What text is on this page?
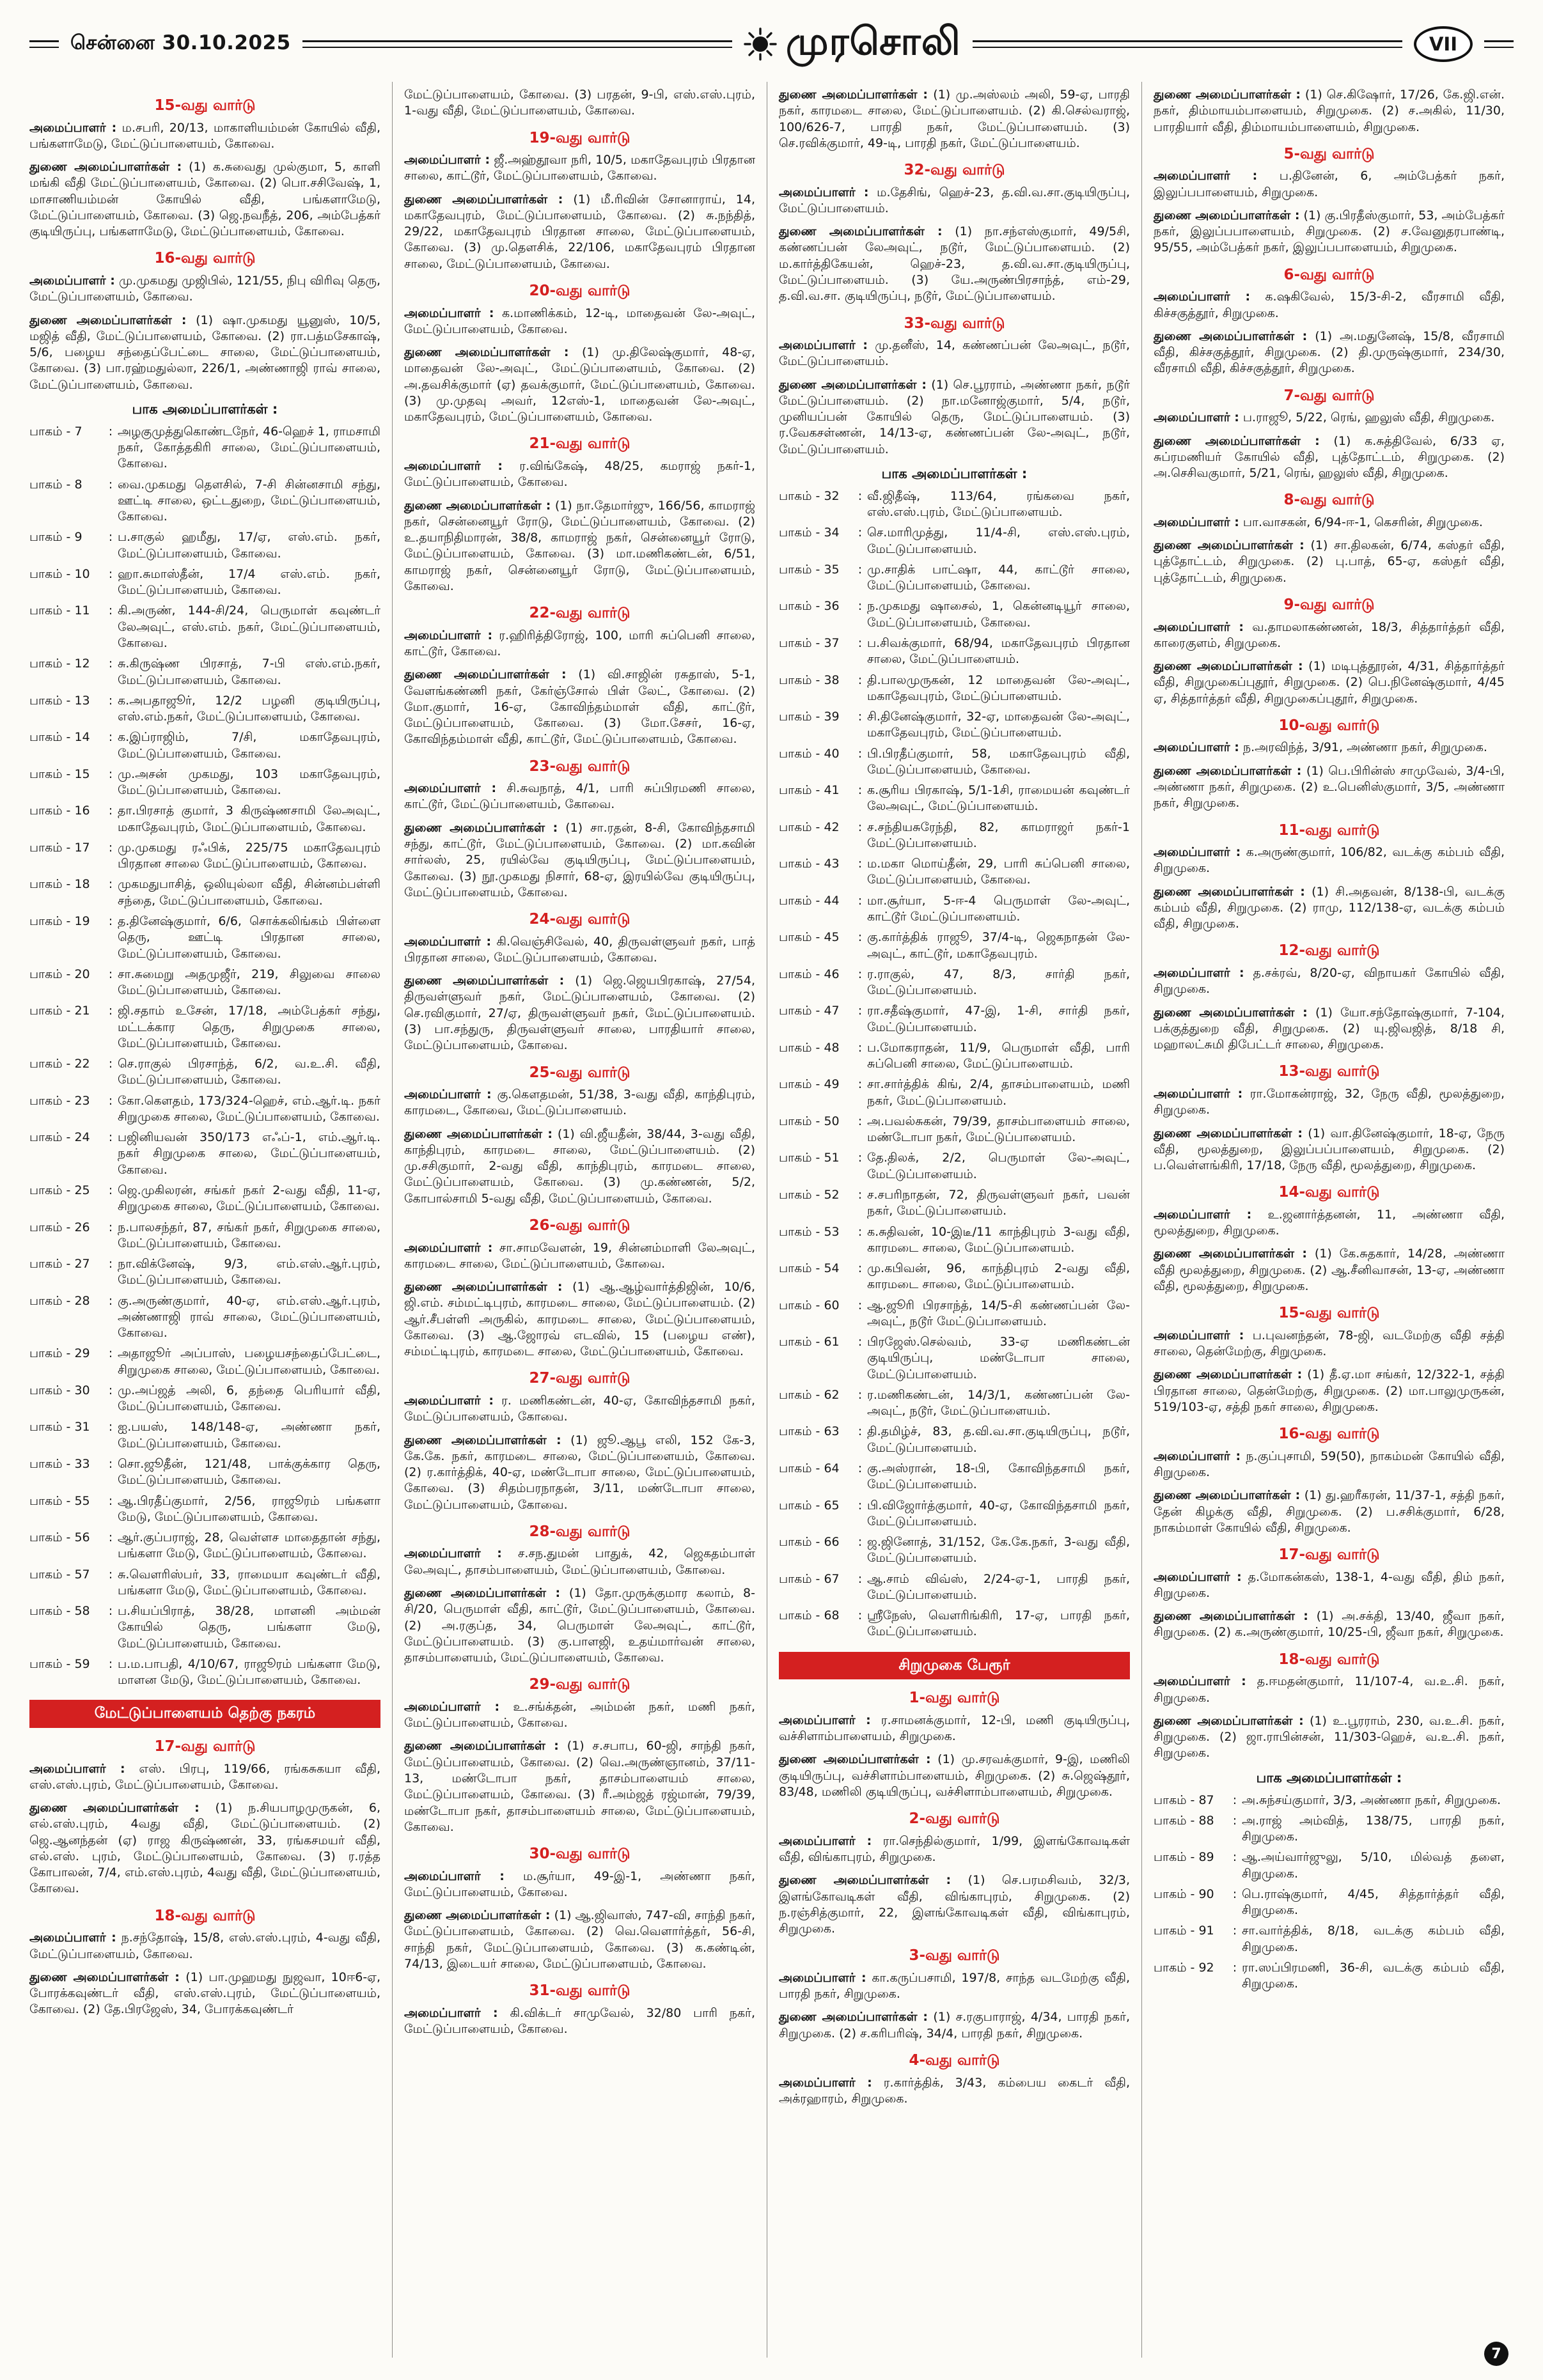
சென்னை 30.10.2025	முரசொலி	VII
15-வது வார்டு
அமைப்பாளர் : ம.சபரி, 20/13, மாகாளியம்மன் கோயில் வீதி, பங்களாமேடு, மேட்டுப்பாளையம், கோவை.
துணை அமைப்பாளர்கள் : (1) க.சுவைது முல்குமா, 5, காளி மங்கி வீதி மேட்டுப்பாளையம், கோவை. (2) பொ.சசிவேஷ், 1, மாசாணியம்மன் கோயில் வீதி, பங்களாமேடு, மேட்டுப்பாளையம், கோவை. (3) ஜெ.நவநீத், 206, அம்பேத்கர் குடியிருப்பு, பங்களாமேடு, மேட்டுப்பாளையம், கோவை.
16-வது வார்டு
அமைப்பாளர் : மு.முகமது முஜிபில், 121/55, நிபு விரிவு தெரு, மேட்டுப்பாளையம், கோவை.
துணை அமைப்பாளர்கள் : (1) ஷா.முகமது யூனுஸ், 10/5, மஜித் வீதி, மேட்டுப்பாளையம், கோவை. (2) ரா.பத்மசேகாஷ், 5/6, பழைய சந்தைப்பேட்டை சாலை, மேட்டுப்பாளையம், கோவை. (3) பா.ரஹ்மதுல்லா, 226/1, அண்ணாஜி ராவ் சாலை, மேட்டுப்பாளையம், கோவை.
பாக அமைப்பாளர்கள் :
பாகம் - 7	: அழகுமுத்துகொண்டநேர், 46-ஹெச் 1, ராமசாமி நகர், கோத்தகிரி சாலை, மேட்டுப்பாளையம், கோவை.
பாகம் - 8	: வை.முகமது தௌசில், 7-சி சின்னசாமி சந்து, ஊட்டி சாலை, ஒட்டதுறை, மேட்டுப்பாளையம், கோவை.
பாகம் - 9	: ப.சாகுல் ஹமீது, 17/ஏ, எஸ்.எம். நகர், மேட்டுப்பாளையம், கோவை.
பாகம் - 10	: ஹா.சுமாஸ்தீன், 17/4 எஸ்.எம். நகர், மேட்டுப்பாளையம், கோவை.
பாகம் - 11	: கி.அருண், 144-சி/24, பெருமாள் கவுண்டர் லேஅவுட், எஸ்.எம். நகர், மேட்டுப்பாளையம், கோவை.
பாகம் - 12	: சு.கிருஷ்ண பிரசாத், 7-பி எஸ்.எம்.நகர், மேட்டுப்பாளையம், கோவை.
பாகம் - 13	: க.அபதாஜூர், 12/2 பழனி குடியிருப்பு, எஸ்.எம்.நகர், மேட்டுப்பாளையம், கோவை.
பாகம் - 14	: க.இப்ராஜிம், 7/சி, மகாதேவபுரம், மேட்டுப்பாளையம், கோவை.
பாகம் - 15	: மு.அசன் முகமது, 103 மகாதேவபுரம், மேட்டுப்பாளையம், கோவை.
பாகம் - 16	: தா.பிரசாத் குமார், 3 கிருஷ்ணசாமி லேஅவுட், மகாதேவபுரம், மேட்டுப்பாளையம், கோவை.
பாகம் - 17	: மு.முகமது ரஃபிக், 225/75 மகாதேவபுரம் பிரதான சாலை மேட்டுப்பாளையம், கோவை.
பாகம் - 18	: முகமதுபாசித், ஒலியுல்லா வீதி, சின்னம்பள்ளி சந்தை, மேட்டுப்பாளையம், கோவை.
பாகம் - 19	: த.தினேஷ்குமார், 6/6, சொக்கலிங்கம் பிள்ளை தெரு, ஊட்டி பிரதான சாலை, மேட்டுப்பாளையம், கோவை.
பாகம் - 20	: சா.சுமைறு அதமுஜீர், 219, சிலுவை சாலை மேட்டுப்பாளையம், கோவை.
பாகம் - 21	: ஜி.சதாம் உசேன், 17/18, அம்பேத்கர் சந்து, மட்டக்கார தெரு, சிறுமுகை சாலை, மேட்டுப்பாளையம், கோவை.
பாகம் - 22	: செ.ராகுல் பிரசாந்த், 6/2, வ.உ.சி. வீதி, மேட்டுப்பாளையம், கோவை.
பாகம் - 23	: கோ.கௌதம், 173/324-ஹெச், எம்.ஆர்.டி. நகர் சிறுமுகை சாலை, மேட்டுப்பாளையம், கோவை.
பாகம் - 24	: பஜினியவன் 350/173 எஃப்-1, எம்.ஆர்.டி. நகர் சிறுமுகை சாலை, மேட்டுப்பாளையம், கோவை.
பாகம் - 25	: ஜெ.முகிலரன், சங்கர் நகர் 2-வது வீதி, 11-ஏ, சிறுமுகை சாலை, மேட்டுப்பாளையம், கோவை.
பாகம் - 26	: ந.பாலசந்தர், 87, சங்கர் நகர், சிறுமுகை சாலை, மேட்டுப்பாளையம், கோவை.
பாகம் - 27	: நா.விக்னேஷ், 9/3, எம்.எஸ்.ஆர்.புரம், மேட்டுப்பாளையம், கோவை.
பாகம் - 28	: கு.அருண்குமார், 40-ஏ, எம்.எஸ்.ஆர்.புரம், அண்ணாஜி ராவ் சாலை, மேட்டுப்பாளையம், கோவை.
பாகம் - 29	: அதாஜூர் அப்பாஸ், பழையசந்தைப்பேட்டை, சிறுமுகை சாலை, மேட்டுப்பாளையம், கோவை.
பாகம் - 30	: மு.அப்ஜத் அலி, 6, தந்தை பெரியார் வீதி, மேட்டுப்பாளையம், கோவை.
பாகம் - 31	: ஐ.பயஸ், 148/148-ஏ, அண்ணா நகர், மேட்டுப்பாளையம், கோவை.
பாகம் - 33	: சொ.ஜூதீன், 121/48, பாக்குக்கார தெரு, மேட்டுப்பாளையம், கோவை.
பாகம் - 55	: ஆ.பிரதீப்குமார், 2/56, ராஜூரம் பங்களா மேடு, மேட்டுப்பாளையம், கோவை.
பாகம் - 56	: ஆர்.குப்பராஜ், 28, வெள்ளச மாதைதான் சந்து, பங்களா மேடு, மேட்டுப்பாளையம், கோவை.
பாகம் - 57	: சு.வெளரிஸ்பர், 33, ராமையா கவுண்டர் வீதி, பங்களா மேடு, மேட்டுப்பாளையம், கோவை.
பாகம் - 58	: ப.சியப்பிராத், 38/28, மாளனி அம்மன் கோயில் தெரு, பங்களா மேடு, மேட்டுப்பாளையம், கோவை.
பாகம் - 59	: ப.ம.பாபதி, 4/10/67, ராஜூரம் பங்களா மேடு, மாளன மேடு, மேட்டுப்பாளையம், கோவை.
மேட்டுப்பாளையம் தெற்கு நகரம்
17-வது வார்டு
அமைப்பாளர் : எஸ். பிரபு, 119/66, ரங்கசுகயா வீதி, எஸ்.எஸ்.புரம், மேட்டுப்பாளையம், கோவை.
துணை அமைப்பாளர்கள் : (1) ந.சியபாழமுருகன், 6, எல்.எஸ்.புரம், 4வது வீதி, மேட்டுப்பாளையம். (2) ஜெ.ஆனந்தன் (ஏ) ராஜ கிருஷ்ணன், 33, ரங்கசமயர் வீதி, எல்.எஸ். புரம், மேட்டுப்பாளையம், கோவை. (3) ர.ரத்த கோபாலன், 7/4, எம்.எஸ்.புரம், 4வது வீதி, மேட்டுப்பாளையம், கோவை.
18-வது வார்டு
அமைப்பாளர் : ந.சந்தோஷ், 15/8, எஸ்.எஸ்.புரம், 4-வது வீதி, மேட்டுப்பாளையம், கோவை.
துணை அமைப்பாளர்கள் : (1) பா.முஹமது நுஜவா, 10ஈ6-ஏ, போரக்கவுண்டர் வீதி, எஸ்.எஸ்.புரம், மேட்டுப்பாளையம், கோவை. (2) தே.பிரஜேஸ், 34, போரக்கவுண்டர்
மேட்டுப்பாளையம், கோவை. (3) பரதன், 9-பி, எஸ்.எஸ்.புரம், 1-வது வீதி, மேட்டுப்பாளையம், கோவை.
19-வது வார்டு
அமைப்பாளர் : ஜீ.அஹ்தூவா நரி, 10/5, மகாதேவபுரம் பிரதான சாலை, காட்டூர், மேட்டுப்பாளையம், கோவை.
துணை அமைப்பாளர்கள் : (1) மீ.ரிவின் சோனாராய், 14, மகாதேவபுரம், மேட்டுப்பாளையம், கோவை. (2) சு.நந்தித், 29/22, மகாதேவபுரம் பிரதான சாலை, மேட்டுப்பாளையம், கோவை. (3) மு.தௌசிக், 22/106, மகாதேவபுரம் பிரதான சாலை, மேட்டுப்பாளையம், கோவை.
20-வது வார்டு
அமைப்பாளர் : க.மாணிக்கம், 12-டி, மாதைவன் லே-அவுட், மேட்டுப்பாளையம், கோவை.
துணை அமைப்பாளர்கள் : (1) மு.திலேஷ்குமார், 48-ஏ, மாதைவன் லே-அவுட், மேட்டுப்பாளையம், கோவை. (2) அ.தவசிக்குமார் (ஏ) தவக்குமார், மேட்டுப்பாளையம், கோவை. (3) மு.முதவு அவர், 12எஸ்-1, மாதைவன் லே-அவுட், மகாதேவபுரம், மேட்டுப்பாளையம், கோவை.
21-வது வார்டு
அமைப்பாளர் : ர.விங்கேஷ், 48/25, கமராஜ் நகர்-1, மேட்டுப்பாளையம், கோவை.
துணை அமைப்பாளர்கள் : (1) நா.தேமார்ஜு, 166/56, காமராஜ் நகர், சென்னையூர் ரோடு, மேட்டுப்பாளையம், கோவை. (2) உ.தயாநிதிமாரன், 38/8, காமராஜ் நகர், சென்னையூர் ரோடு, மேட்டுப்பாளையம், கோவை. (3) மா.மணிகண்டன், 6/51, காமராஜ் நகர், சென்னையூர் ரோடு, மேட்டுப்பாளையம், கோவை.
22-வது வார்டு
அமைப்பாளர் : ர.ஹிரித்திரோஜ், 100, மாரி சுப்பெனி சாலை, காட்டூர், கோவை.
துணை அமைப்பாளர்கள் : (1) வி.சாஜின் ரசுதாஸ், 5-1, வேளங்கண்ணி நகர், கேர்ஞ்சோல் பிள் லேட், கோவை. (2) மோ.குமார், 16-ஏ, கோவிந்தம்மாள் வீதி, காட்டூர், மேட்டுப்பாளையம், கோவை. (3) மோ.சேசர், 16-ஏ, கோவிந்தம்மாள் வீதி, காட்டூர், மேட்டுப்பாளையம், கோவை.
23-வது வார்டு
அமைப்பாளர் : சி.சுவநாத், 4/1, பாரி சுப்பிரமணி சாலை, காட்டூர், மேட்டுப்பாளையம், கோவை.
துணை அமைப்பாளர்கள் : (1) சா.ரதன், 8-சி, கோவிந்தசாமி சந்து, காட்டூர், மேட்டுப்பாளையம், கோவை. (2) மா.கவின் சார்லஸ், 25, ரயில்வே குடியிருப்பு, மேட்டுப்பாளையம், கோவை. (3) நூ.முகமது நிசார், 68-ஏ, இரயில்வே குடியிருப்பு, மேட்டுப்பாளையம், கோவை.
24-வது வார்டு
அமைப்பாளர் : கி.வெஞ்சிவேல், 40, திருவள்ளுவர் நகர், பாத் பிரதான சாலை, மேட்டுப்பாளையம், கோவை.
துணை அமைப்பாளர்கள் : (1) ஜெ.ஜெயபிரகாஷ், 27/54, திருவள்ளுவர் நகர், மேட்டுப்பாளையம், கோவை. (2) செ.ரவிகுமார், 27/ஏ, திருவள்ளுவர் நகர், மேட்டுப்பாளையம். (3) பா.சந்துரு, திருவள்ளுவர் சாலை, பாரதியார் சாலை, மேட்டுப்பாளையம், கோவை.
25-வது வார்டு
அமைப்பாளர் : கு.கௌதமன், 51/38, 3-வது வீதி, காந்திபுரம், காரமடை, கோவை, மேட்டுப்பாளையம்.
துணை அமைப்பாளர்கள் : (1) வி.ஜீயதீன், 38/44, 3-வது வீதி, காந்திபுரம், காரமடை சாலை, மேட்டுப்பாளையம். (2) மு.சசிகுமார், 2-வது வீதி, காந்திபுரம், காரமடை சாலை, மேட்டுப்பாளையம், கோவை. (3) மு.கண்ணன், 5/2, கோபால்சாமி 5-வது வீதி, மேட்டுப்பாளையம், கோவை.
26-வது வார்டு
அமைப்பாளர் : சா.சாமவேளன், 19, சின்னம்மாளி லேஅவுட், காரமடை சாலை, மேட்டுப்பாளையம், கோவை.
துணை அமைப்பாளர்கள் : (1) ஆ.ஆழ்வார்த்திஜின், 10/6, ஜி.எம். சம்மட்டிபுரம், காரமடை சாலை, மேட்டுப்பாளையம். (2) ஆர்.சீபள்ளி அருகில், காரமடை சாலை, மேட்டுப்பாளையம், கோவை. (3) ஆ.ஜோரவ் எடவில், 15 (பழைய எண்), சம்மட்டிபுரம், காரமடை சாலை, மேட்டுப்பாளையம், கோவை.
27-வது வார்டு
அமைப்பாளர் : ர. மணிகண்டன், 40-ஏ, கோவிந்தசாமி நகர், மேட்டுப்பாளையம், கோவை.
துணை அமைப்பாளர்கள் : (1) ஜூ.ஆபூ எலி, 152 கே-3, கே.கே. நகர், காரமடை சாலை, மேட்டுப்பாளையம், கோவை. (2) ர.கார்த்திக், 40-ஏ, மண்டோபா சாலை, மேட்டுப்பாளையம், கோவை. (3) சிதம்பரநாதன், 3/11, மண்டோபா சாலை, மேட்டுப்பாளையம், கோவை.
28-வது வார்டு
அமைப்பாளர் : ச.சந.துமன் பாதுக், 42, ஜெகதம்பாள் லேஅவுட், தாசம்பாளையம், மேட்டுப்பாளையம், கோவை.
துணை அமைப்பாளர்கள் : (1) தோ.முருக்குமார கலாம், 8-சி/20, பெருமாள் வீதி, காட்டூர், மேட்டுப்பாளையம், கோவை. (2) அ.ரகுப்த, 34, பெருமாள் லேஅவுட், காட்டூர், மேட்டுப்பாளையம். (3) கு.பாளஜி, உதய்மார்வன் சாலை, தாசம்பாளையம், மேட்டுப்பாளையம், கோவை.
29-வது வார்டு
அமைப்பாளர் : உ.சங்க்தன், அம்மன் நகர், மணி நகர், மேட்டுப்பாளையம், கோவை.
துணை அமைப்பாளர்கள் : (1) ச.சபாப, 60-ஜி, சாந்தி நகர், மேட்டுப்பாளையம், கோவை. (2) வெ.அருண்ஞானம், 37/11-13, மண்டோபா நகர், தாசம்பாளையம் சாலை, மேட்டுப்பாளையம், கோவை. (3) ரீ.அம்ஜத் ரஜ்மான், 79/39, மண்டோபா நகர், தாசம்பாளையம் சாலை, மேட்டுப்பாளையம், கோவை.
30-வது வார்டு
அமைப்பாளர் : ம.சூர்யா, 49-இ-1, அண்ணா நகர், மேட்டுப்பாளையம், கோவை.
துணை அமைப்பாளர்கள் : (1) ஆ.ஜிவாஸ், 747-வி, சாந்தி நகர், மேட்டுப்பாளையம், கோவை. (2) வெ.வெளார்த்தர், 56-சி, சாந்தி நகர், மேட்டுப்பாளையம், கோவை. (3) க.கண்டின், 74/13, இடையர் சாலை, மேட்டுப்பாளையம், கோவை.
31-வது வார்டு
அமைப்பாளர் : கி.விக்டர் சாமுவேல், 32/80 பாரி நகர், மேட்டுப்பாளையம், கோவை.
துணை அமைப்பாளர்கள் : (1) மு.அஸ்லம் அலி, 59-ஏ, பாரதி நகர், காரமடை சாலை, மேட்டுப்பாளையம். (2) கி.செல்வராஜ், 100/626-7, பாரதி நகர், மேட்டுப்பாளையம். (3) செ.ரவிக்குமார், 49-டி, பாரதி நகர், மேட்டுப்பாளையம்.
32-வது வார்டு
அமைப்பாளர் : ம.தேசிங், ஹெச்-23, த.வி.வ.சா.குடியிருப்பு, மேட்டுப்பாளையம்.
துணை அமைப்பாளர்கள் : (1) நா.சந்எஸ்குமார், 49/5சி, கண்ணப்பன் லேஅவுட், நடூர், மேட்டுப்பாளையம். (2) ம.கார்த்திகேயன், ஹெச்-23, த.வி.வ.சா.குடியிருப்பு, மேட்டுப்பாளையம். (3) யே.அருண்பிரசாந்த், எம்-29, த.வி.வ.சா. குடியிருப்பு, நடூர், மேட்டுப்பாளையம்.
33-வது வார்டு
அமைப்பாளர் : மு.தனீஸ், 14, கண்ணப்பன் லேஅவுட், நடூர், மேட்டுப்பாளையம்.
துணை அமைப்பாளர்கள் : (1) செ.பூரராம், அண்ணா நகர், நடூர் மேட்டுப்பாளையம். (2) நா.மனோஜ்குமார், 5/4, நடூர், முனியப்பன் கோயில் தெரு, மேட்டுப்பாளையம். (3) ர.வேகசள்ணன், 14/13-ஏ, கண்ணப்பன் லே-அவுட், நடூர், மேட்டுப்பாளையம்.
பாக அமைப்பாளர்கள் :
பாகம் - 32	: வீ.ஜிதீஷ், 113/64, ரங்கவை நகர், எஸ்.எஸ்.புரம், மேட்டுப்பாளையம்.
பாகம் - 34	: செ.மாரிமுத்து, 11/4-சி, எஸ்.எஸ்.புரம், மேட்டுப்பாளையம்.
பாகம் - 35	: மு.சாதிக் பாட்ஷா, 44, காட்டூர் சாலை, மேட்டுப்பாளையம், கோவை.
பாகம் - 36	: ந.முகமது ஷாசைல், 1, கென்னடியூர் சாலை, மேட்டுப்பாளையம், கோவை.
பாகம் - 37	: ப.சிவக்குமார், 68/94, மகாதேவபுரம் பிரதான சாலை, மேட்டுப்பாளையம்.
பாகம் - 38	: தி.பாலமுருகன், 12 மாதைவன் லே-அவுட், மகாதேவபுரம், மேட்டுப்பாளையம்.
பாகம் - 39	: சி.தினேஷ்குமார், 32-ஏ, மாதைவன் லே-அவுட், மகாதேவபுரம், மேட்டுப்பாளையம்.
பாகம் - 40	: பி.பிரதீப்குமார், 58, மகாதேவபுரம் வீதி, மேட்டுப்பாளையம், கோவை.
பாகம் - 41	: க.சூரிய பிரகாஷ், 5/1-1சி, ராமையன் கவுண்டர் லேஅவுட், மேட்டுப்பாளையம்.
பாகம் - 42	: ச.சந்தியசுரேந்தி, 82, காமராஜர் நகர்-1 மேட்டுப்பாளையம்.
பாகம் - 43	: ம.மகா மொய்தீன், 29, பாரி சுப்பெனி சாலை, மேட்டுப்பாளையம், கோவை.
பாகம் - 44	: மா.சூர்யா, 5-ஈ-4 பெருமாள் லே-அவுட், காட்டூர் மேட்டுப்பாளையம்.
பாகம் - 45	: கு.கார்த்திக் ராஜூ, 37/4-டி, ஜெகநாதன் லே-அவுட், காட்டூர், மகாதேவபுரம்.
பாகம் - 46	: ர.ராகுல், 47, 8/3, சார்தி நகர், மேட்டுப்பாளையம்.
பாகம் - 47	: ரா.சதீஷ்குமார், 47-இ, 1-சி, சார்தி நகர், மேட்டுப்பாளையம்.
பாகம் - 48	: ப.மோகராதன், 11/9, பெருமாள் வீதி, பாரி சுப்பெனி சாலை, மேட்டுப்பாளையம்.
பாகம் - 49	: சா.சார்த்திக் கிங், 2/4, தாசம்பாளையம், மணி நகர், மேட்டுப்பாளையம்.
பாகம் - 50	: அ.பவல்சுகன், 79/39, தாசம்பாளையம் சாலை, மண்டோபா நகர், மேட்டுப்பாளையம்.
பாகம் - 51	: தே.திலக், 2/2, பெருமாள் லே-அவுட், மேட்டுப்பாளையம்.
பாகம் - 52	: ச.சபரிநாதன், 72, திருவள்ளுவர் நகர், பவன் நகர், மேட்டுப்பாளையம்.
பாகம் - 53	: க.சுதிவன், 10-இடீ/11 காந்திபுரம் 3-வது வீதி, காரமடை சாலை, மேட்டுப்பாளையம்.
பாகம் - 54	: மு.கபிவன், 96, காந்திபுரம் 2-வது வீதி, காரமடை சாலை, மேட்டுப்பாளையம்.
பாகம் - 60	: ஆ.ஜூரி பிரசாந்த், 14/5-சி கண்ணப்பன் லே-அவுட், நடூர் மேட்டுப்பாளையம்.
பாகம் - 61	: பிரஜேஸ்.செல்வம், 33-ஏ மணிகண்டன் குடியிருப்பு, மண்டோபா சாலை, மேட்டுப்பாளையம்.
பாகம் - 62	: ர.மணிகண்டன், 14/3/1, கண்ணப்பன் லே-அவுட், நடூர், மேட்டுப்பாளையம்.
பாகம் - 63	: தி.தமிழ்ச், 83, த.வி.வ.சா.குடியிருப்பு, நடூர், மேட்டுப்பாளையம்.
பாகம் - 64	: கு.அஸ்ரான், 18-பி, கோவிந்தசாமி நகர், மேட்டுப்பாளையம்.
பாகம் - 65	: பி.விஜோர்த்குமார், 40-ஏ, கோவிந்தசாமி நகர், மேட்டுப்பாளையம்.
பாகம் - 66	: ஜ.ஜினோத், 31/152, கே.கே.நகர், 3-வது வீதி, மேட்டுப்பாளையம்.
பாகம் - 67	: ஆ.சாம் விவ்ஸ், 2/24-ஏ-1, பாரதி நகர், மேட்டுப்பாளையம்.
பாகம் - 68	: ஸ்ரீநேஸ், வெளரிங்கிரி, 17-ஏ, பாரதி நகர், மேட்டுப்பாளையம்.
சிறுமுகை பேரூர்
1-வது வார்டு
அமைப்பாளர் : ர.சாமனக்குமார், 12-பி, மணி குடியிருப்பு, வச்சிளாம்பாளையம், சிறுமுகை.
துணை அமைப்பாளர்கள் : (1) மு.சரவக்குமார், 9-இ, மணிலி குடியிருப்பு, வச்சிளாம்பாளையம், சிறுமுகை. (2) சு.ஜெஷ்தூர், 83/48, மணிலி குடியிருப்பு, வச்சிளாம்பாளையம், சிறுமுகை.
2-வது வார்டு
அமைப்பாளர் : ரா.செந்தில்குமார், 1/99, இளங்கோவடிகள் வீதி, விங்காபுரம், சிறுமுகை.
துணை அமைப்பாளர்கள் : (1) செ.பரமசிவம், 32/3, இளங்கோவடிகள் வீதி, விங்காபுரம், சிறுமுகை. (2) ந.ரஞ்சித்குமார், 22, இளங்கோவடிகள் வீதி, விங்காபுரம், சிறுமுகை.
3-வது வார்டு
அமைப்பாளர் : கா.கருப்பசாமி, 197/8, சாந்த வடமேற்கு வீதி, பாரதி நகர், சிறுமுகை.
துணை அமைப்பாளர்கள் : (1) ச.ரகுபாராஜ், 4/34, பாரதி நகர், சிறுமுகை. (2) ச.கரிபரிஷ், 34/4, பாரதி நகர், சிறுமுகை.
4-வது வார்டு
அமைப்பாளர் : ர.கார்த்திக், 3/43, கம்பைய கைடர் வீதி, அக்ரஹாரம், சிறுமுகை.
துணை அமைப்பாளர்கள் : (1) செ.கிஷோர், 17/26, கே.ஜி.என். நகர், திம்மாயம்பாளையம், சிறுமுகை. (2) ச.அகில், 11/30, பாரதியார் வீதி, திம்மாயம்பாளையம், சிறுமுகை.
5-வது வார்டு
அமைப்பாளர் : ப.தினேன், 6, அம்பேத்கர் நகர், இலுப்பபாளையம், சிறுமுகை.
துணை அமைப்பாளர்கள் : (1) கு.பிரதீஸ்குமார், 53, அம்பேத்கர் நகர், இலுப்பபாளையம், சிறுமுகை. (2) ச.வேனுதரபாண்டி, 95/55, அம்பேத்கர் நகர், இலுப்பபாளையம், சிறுமுகை.
6-வது வார்டு
அமைப்பாளர் : க.ஷகிவேல், 15/3-சி-2, வீரசாமி வீதி, கிச்சகுத்தூர், சிறுமுகை.
துணை அமைப்பாளர்கள் : (1) அ.மதுனேஷ், 15/8, வீரசாமி வீதி, கிச்சகுத்தூர், சிறுமுகை. (2) தி.முருஷ்குமார், 234/30, வீரசாமி வீதி, கிச்சகுத்தூர், சிறுமுகை.
7-வது வார்டு
அமைப்பாளர் : ப.ராஜூ, 5/22, ரெங், ஹலுஸ் வீதி, சிறுமுகை.
துணை அமைப்பாளர்கள் : (1) க.சுத்திவேல், 6/33 ஏ, சுப்ரமணியர் கோயில் வீதி, புத்தோட்டம், சிறுமுகை. (2) அ.செசிவகுமார், 5/21, ரெங், ஹலுஸ் வீதி, சிறுமுகை.
8-வது வார்டு
அமைப்பாளர் : பா.வாசகன், 6/94-ஈ-1, கெசரின், சிறுமுகை.
துணை அமைப்பாளர்கள் : (1) சா.திலகன், 6/74, கஸ்தர் வீதி, புத்தோட்டம், சிறுமுகை. (2) பு.பாத், 65-ஏ, கஸ்தர் வீதி, புத்தோட்டம், சிறுமுகை.
9-வது வார்டு
அமைப்பாளர் : வ.தாமலாகண்ணன், 18/3, சித்தார்த்தர் வீதி, காரைகுளம், சிறுமுகை.
துணை அமைப்பாளர்கள் : (1) மடிபுத்தூரன், 4/31, சித்தார்த்தர் வீதி, சிறுமுகைப்புதூர், சிறுமுகை. (2) பெ.நினேஷ்குமார், 4/45 ஏ, சித்தார்த்தர் வீதி, சிறுமுகைப்புதூர், சிறுமுகை.
10-வது வார்டு
அமைப்பாளர் : ந.அரவிந்த், 3/91, அண்ணா நகர், சிறுமுகை.
துணை அமைப்பாளர்கள் : (1) பெ.பிரின்ஸ் சாமுவேல், 3/4-பி, அண்ணா நகர், சிறுமுகை. (2) உ.பெனிஸ்குமார், 3/5, அண்ணா நகர், சிறுமுகை.
11-வது வார்டு
அமைப்பாளர் : க.அருண்குமார், 106/82, வடக்கு கம்பம் வீதி, சிறுமுகை.
துணை அமைப்பாளர்கள் : (1) சி.அதவன், 8/138-பி, வடக்கு கம்பம் வீதி, சிறுமுகை. (2) ராமு, 112/138-ஏ, வடக்கு கம்பம் வீதி, சிறுமுகை.
12-வது வார்டு
அமைப்பாளர் : த.சக்ரவ், 8/20-ஏ, விநாயகர் கோயில் வீதி, சிறுமுகை.
துணை அமைப்பாளர்கள் : (1) யோ.சந்தோஷ்குமார், 7-104, பக்குத்துறை வீதி, சிறுமுகை. (2) யு.ஜிவஜித், 8/18 சி, மஹாலட்சுமி திபேட்டர் சாலை, சிறுமுகை.
13-வது வார்டு
அமைப்பாளர் : ரா.மோகன்ராஜ், 32, நேரு வீதி, மூலத்துறை, சிறுமுகை.
துணை அமைப்பாளர்கள் : (1) வா.தினேஷ்குமார், 18-ஏ, நேரு வீதி, மூலத்துறை, இலுப்பப்பாளையம், சிறுமுகை. (2) ப.வெள்ளங்கிரி, 17/18, நேரு வீதி, மூலத்துறை, சிறுமுகை.
14-வது வார்டு
அமைப்பாளர் : உ.ஜனார்த்தனன், 11, அண்ணா வீதி, மூலத்துறை, சிறுமுகை.
துணை அமைப்பாளர்கள் : (1) கே.சுதகார், 14/28, அண்ணா வீதி மூலத்துறை, சிறுமுகை. (2) ஆ.சீனிவாசன், 13-ஏ, அண்ணா வீதி, மூலத்துறை, சிறுமுகை.
15-வது வார்டு
அமைப்பாளர் : ப.புவனந்தன், 78-ஜி, வடமேற்கு வீதி சத்தி சாலை, தென்மேற்கு, சிறுமுகை.
துணை அமைப்பாளர்கள் : (1) தீ.ஏ.மா சங்கர், 12/322-1, சத்தி பிரதான சாலை, தென்மேற்கு, சிறுமுகை. (2) மா.பாலுமுருகன், 519/103-ஏ, சத்தி நகர் சாலை, சிறுமுகை.
16-வது வார்டு
அமைப்பாளர் : ந.குப்புசாமி, 59(50), நாகம்மன் கோயில் வீதி, சிறுமுகை.
துணை அமைப்பாளர்கள் : (1) து.ஹரீகரன், 11/37-1, சத்தி நகர், தேன் கிழக்கு வீதி, சிறுமுகை. (2) ப.சசிக்குமார், 6/28, நாகம்மாள் கோயில் வீதி, சிறுமுகை.
17-வது வார்டு
அமைப்பாளர் : த.மோகன்கஸ், 138-1, 4-வது வீதி, திம் நகர், சிறுமுகை.
துணை அமைப்பாளர்கள் : (1) அ.சக்தி, 13/40, ஜீவா நகர், சிறுமுகை. (2) க.அருண்குமார், 10/25-பி, ஜீவா நகர், சிறுமுகை.
18-வது வார்டு
அமைப்பாளர் : த.ஈமதன்குமார், 11/107-4, வ.உ.சி. நகர், சிறுமுகை.
துணை அமைப்பாளர்கள் : (1) உ.பூரராம், 230, வ.உ.சி. நகர், சிறுமுகை. (2) ஜா.ராபின்சன், 11/303-ஹெச், வ.உ.சி. நகர், சிறுமுகை.
பாக அமைப்பாளர்கள் :
பாகம் - 87	: அ.சுந்சய்குமார், 3/3, அண்ணா நகர், சிறுமுகை.
பாகம் - 88	: அ.ராஜ் அம்வித், 138/75, பாரதி நகர், சிறுமுகை.
பாகம் - 89	: ஆ.அய்வார்ஜுலு, 5/10, மில்வத் தளை, சிறுமுகை.
பாகம் - 90	: பெ.ராஷ்குமார், 4/45, சித்தார்த்தர் வீதி, சிறுமுகை.
பாகம் - 91	: சா.வார்த்திக், 8/18, வடக்கு கம்பம் வீதி, சிறுமுகை.
பாகம் - 92	: ரா.ஸப்பிரமணி, 36-சி, வடக்கு கம்பம் வீதி, சிறுமுகை.
7
